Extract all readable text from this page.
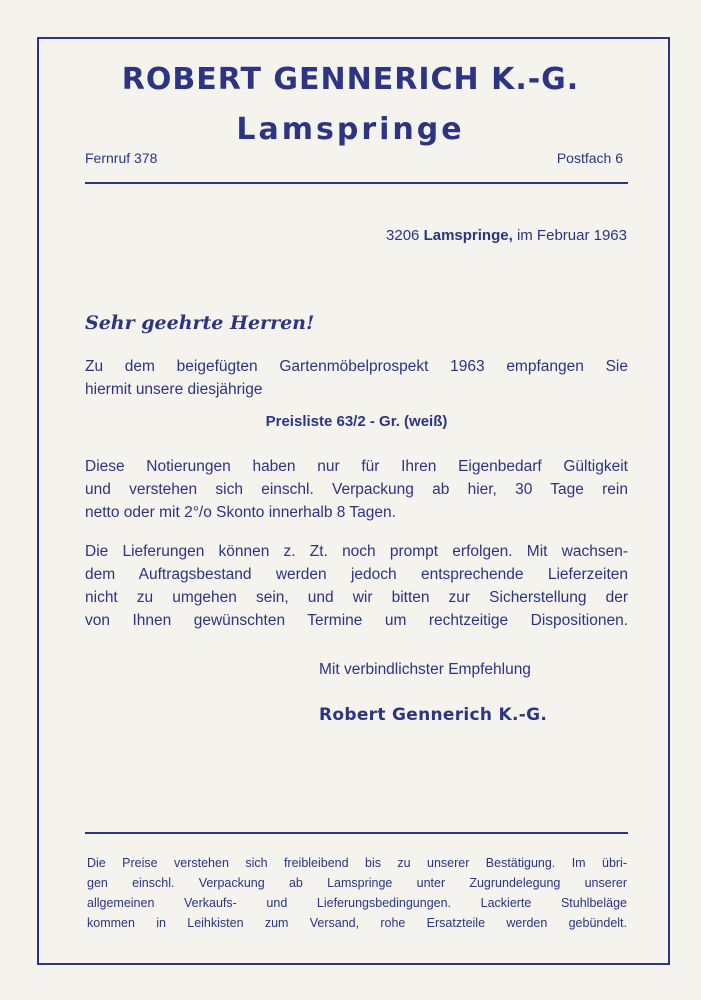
ROBERT GENNERICH K.-G.
Lamspringe
Fernruf 378	Postfach 6
3206 Lamspringe, im Februar 1963
Sehr geehrte Herren!
Zu dem beigefügten Gartenmöbelprospekt 1963 empfangen Sie
hiermit unsere diesjährige
Preisliste 63/2 - Gr. (weiß)
Diese Notierungen haben nur für Ihren Eigenbedarf Gültigkeit
und verstehen sich einschl. Verpackung ab hier, 30 Tage rein
netto oder mit 2°/o Skonto innerhalb 8 Tagen.
Die Lieferungen können z. Zt. noch prompt erfolgen. Mit wachsen-
dem Auftragsbestand werden jedoch entsprechende Lieferzeiten
nicht zu umgehen sein, und wir bitten zur Sicherstellung der
von Ihnen gewünschten Termine um rechtzeitige Dispositionen.
Mit verbindlichster Empfehlung
Robert Gennerich K.-G.
Die Preise verstehen sich freibleibend bis zu unserer Bestätigung. Im übri-
gen einschl. Verpackung ab Lamspringe unter Zugrundelegung unserer
allgemeinen Verkaufs- und Lieferungsbedingungen. Lackierte Stuhlbeläge
kommen in Leihkisten zum Versand, rohe Ersatzteile werden gebündelt.
